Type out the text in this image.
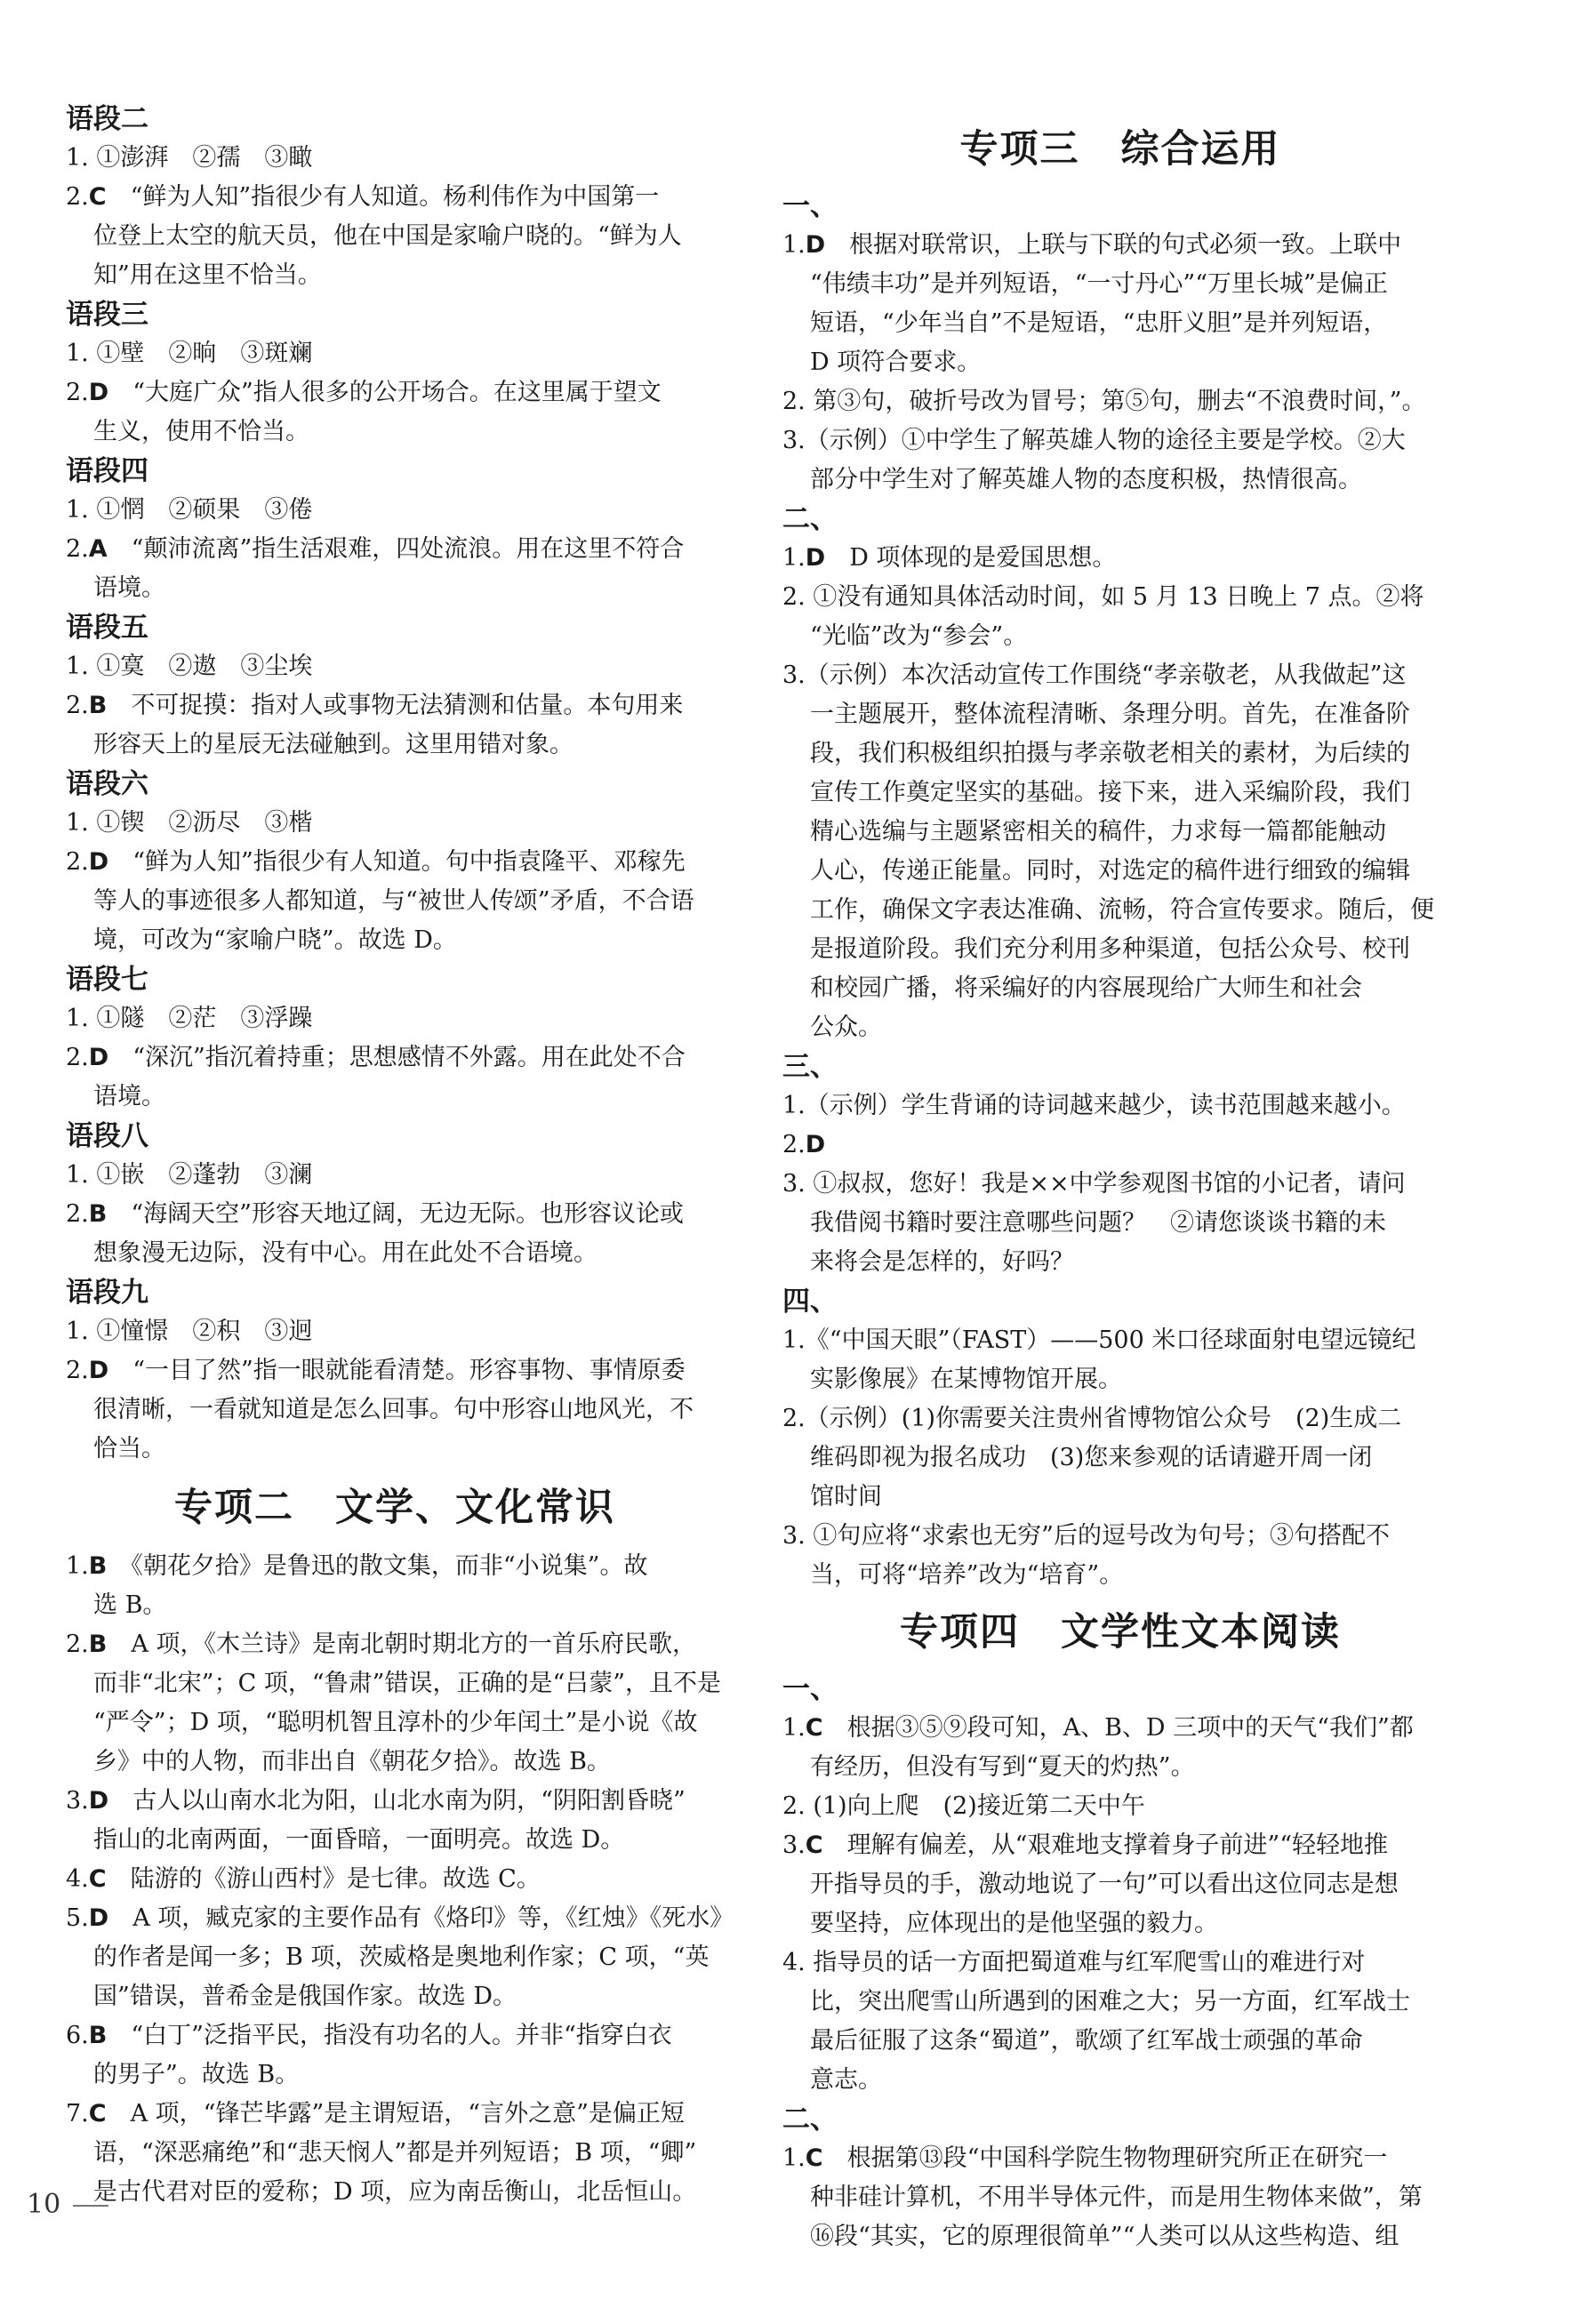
语段二
1. ①澎湃　②孺　③瞰
2.C　 “鲜为人知”指很少有人知道。杨利伟作为中国第一
位登上太空的航天员，他在中国是家喻户晓的。“鲜为人
知”用在这里不恰当。
语段三
1. ①壁　②晌　③斑斓
2.D　 “大庭广众”指人很多的公开场合。在这里属于望文
生义，使用不恰当。
语段四
1. ①惘　②硕果　③倦
2.A　 “颠沛流离”指生活艰难，四处流浪。用在这里不符合
语境。
语段五
1. ①寞　②遨　③尘埃
2.B　 不可捉摸：指对人或事物无法猜测和估量。本句用来
形容天上的星辰无法碰触到。这里用错对象。
语段六
1. ①锲　②沥尽　③楷
2.D　 “鲜为人知”指很少有人知道。句中指袁隆平、邓稼先
等人的事迹很多人都知道，与“被世人传颂”矛盾，不合语
境，可改为“家喻户晓”。故选 D。
语段七
1. ①隧　②茫　③浮躁
2.D　 “深沉”指沉着持重；思想感情不外露。用在此处不合
语境。
语段八
1. ①嵌　②蓬勃　③澜
2.B　 “海阔天空”形容天地辽阔，无边无际。也形容议论或
想象漫无边际，没有中心。用在此处不合语境。
语段九
1. ①憧憬　②积　③迥
2.D　 “一目了然”指一眼就能看清楚。形容事物、事情原委
很清晰，一看就知道是怎么回事。句中形容山地风光，不
恰当。
专项二 文学、文化常识
1.B　 《朝花夕拾》是鲁迅的散文集，而非“小说集”。故
选 B。
2.B　 A 项，《木兰诗》是南北朝时期北方的一首乐府民歌，
而非“北宋”；C 项，“鲁肃”错误，正确的是“吕蒙”，且不是
“严令”；D 项，“聪明机智且淳朴的少年闰土”是小说《故
乡》中的人物，而非出自《朝花夕拾》。故选 B。
3.D　 古人以山南水北为阳，山北水南为阴，“阴阳割昏晓”
指山的北南两面，一面昏暗，一面明亮。故选 D。
4.C　 陆游的《游山西村》是七律。故选 C。
5.D　 A 项，臧克家的主要作品有《烙印》等，《红烛》《死水》
的作者是闻一多；B 项，茨威格是奥地利作家；C 项，“英
国”错误，普希金是俄国作家。故选 D。
6.B　 “白丁”泛指平民，指没有功名的人。并非“指穿白衣
的男子”。故选 B。
7.C　 A 项，“锋芒毕露”是主谓短语，“言外之意”是偏正短
语，“深恶痛绝”和“悲天悯人”都是并列短语；B 项，“卿”
是古代君对臣的爱称；D 项，应为南岳衡山，北岳恒山。
专项三 综合运用
一、
1.D　 根据对联常识，上联与下联的句式必须一致。上联中
“伟绩丰功”是并列短语，“一寸丹心”“万里长城”是偏正
短语，“少年当自”不是短语，“忠肝义胆”是并列短语，
D 项符合要求。
2. 第③句，破折号改为冒号；第⑤句，删去“不浪费时间，”。
3.（示例）①中学生了解英雄人物的途径主要是学校。②大
部分中学生对了解英雄人物的态度积极，热情很高。
二、
1.D　 D 项体现的是爱国思想。
2. ①没有通知具体活动时间，如 5 月 13 日晚上 7 点。②将
“光临”改为“参会”。
3.（示例）本次活动宣传工作围绕“孝亲敬老，从我做起”这
一主题展开，整体流程清晰、条理分明。首先，在准备阶
段，我们积极组织拍摄与孝亲敬老相关的素材，为后续的
宣传工作奠定坚实的基础。接下来，进入采编阶段，我们
精心选编与主题紧密相关的稿件，力求每一篇都能触动
人心，传递正能量。同时，对选定的稿件进行细致的编辑
工作，确保文字表达准确、流畅，符合宣传要求。随后，便
是报道阶段。我们充分利用多种渠道，包括公众号、校刊
和校园广播，将采编好的内容展现给广大师生和社会
公众。
三、
1.（示例）学生背诵的诗词越来越少，读书范围越来越小。
2.D
3. ①叔叔，您好！我是××中学参观图书馆的小记者，请问
我借阅书籍时要注意哪些问题？　②请您谈谈书籍的未
来将会是怎样的，好吗？
四、
1.《“中国天眼”（FAST）——500 米口径球面射电望远镜纪
实影像展》在某博物馆开展。
2.（示例）(1)你需要关注贵州省博物馆公众号　(2)生成二
维码即视为报名成功　(3)您来参观的话请避开周一闭
馆时间
3. ①句应将“求索也无穷”后的逗号改为句号；③句搭配不
当，可将“培养”改为“培育”。
专项四 文学性文本阅读
一、
1.C　 根据③⑤⑨段可知，A、B、D 三项中的天气“我们”都
有经历，但没有写到“夏天的灼热”。
2. (1)向上爬　(2)接近第二天中午
3.C　 理解有偏差，从“艰难地支撑着身子前进”“轻轻地推
开指导员的手，激动地说了一句”可以看出这位同志是想
要坚持，应体现出的是他坚强的毅力。
4. 指导员的话一方面把蜀道难与红军爬雪山的难进行对
比，突出爬雪山所遇到的困难之大；另一方面，红军战士
最后征服了这条“蜀道”，歌颂了红军战士顽强的革命
意志。
二、
1.C　 根据第⑬段“中国科学院生物物理研究所正在研究一
种非硅计算机，不用半导体元件，而是用生物体来做”，第
⑯段“其实，它的原理很简单”“人类可以从这些构造、组
10
